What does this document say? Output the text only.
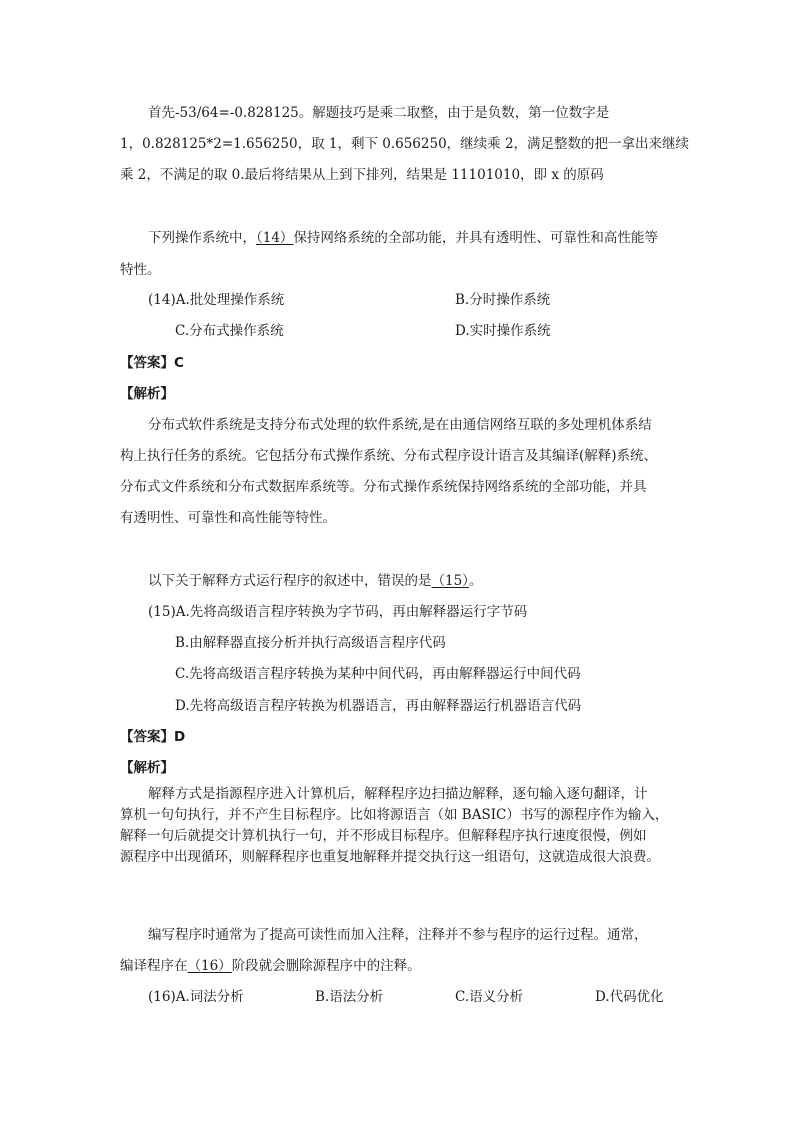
首先-53/64=-0.828125。解题技巧是乘二取整，由于是负数，第一位数字是
1，0.828125*2=1.656250，取 1，剩下 0.656250，继续乘 2，满足整数的把一拿出来继续
乘 2，不满足的取 0.最后将结果从上到下排列，结果是 11101010，即 x 的原码
下列操作系统中，（14）保持网络系统的全部功能，并具有透明性、可靠性和高性能等
特性。
(14)A.批处理操作系统	B.分时操作系统
C.分布式操作系统	D.实时操作系统
【答案】C
【解析】
分布式软件系统是支持分布式处理的软件系统,是在由通信网络互联的多处理机体系结
构上执行任务的系统。它包括分布式操作系统、分布式程序设计语言及其编译(解释)系统、
分布式文件系统和分布式数据库系统等。分布式操作系统保持网络系统的全部功能，并具
有透明性、可靠性和高性能等特性。
以下关于解释方式运行程序的叙述中，错误的是（15）。
(15)A.先将高级语言程序转换为字节码，再由解释器运行字节码
B.由解释器直接分析并执行高级语言程序代码
C.先将高级语言程序转换为某种中间代码，再由解释器运行中间代码
D.先将高级语言程序转换为机器语言，再由解释器运行机器语言代码
【答案】D
【解析】
解释方式是指源程序进入计算机后，解释程序边扫描边解释，逐句输入逐句翻译，计
算机一句句执行，并不产生目标程序。比如将源语言（如 BASIC）书写的源程序作为输入，
解释一句后就提交计算机执行一句，并不形成目标程序。但解释程序执行速度很慢，例如
源程序中出现循环，则解释程序也重复地解释并提交执行这一组语句，这就造成很大浪费。
编写程序时通常为了提高可读性而加入注释，注释并不参与程序的运行过程。通常，
编译程序在（16）阶段就会删除源程序中的注释。
(16)A.词法分析	B.语法分析	C.语义分析	D.代码优化
